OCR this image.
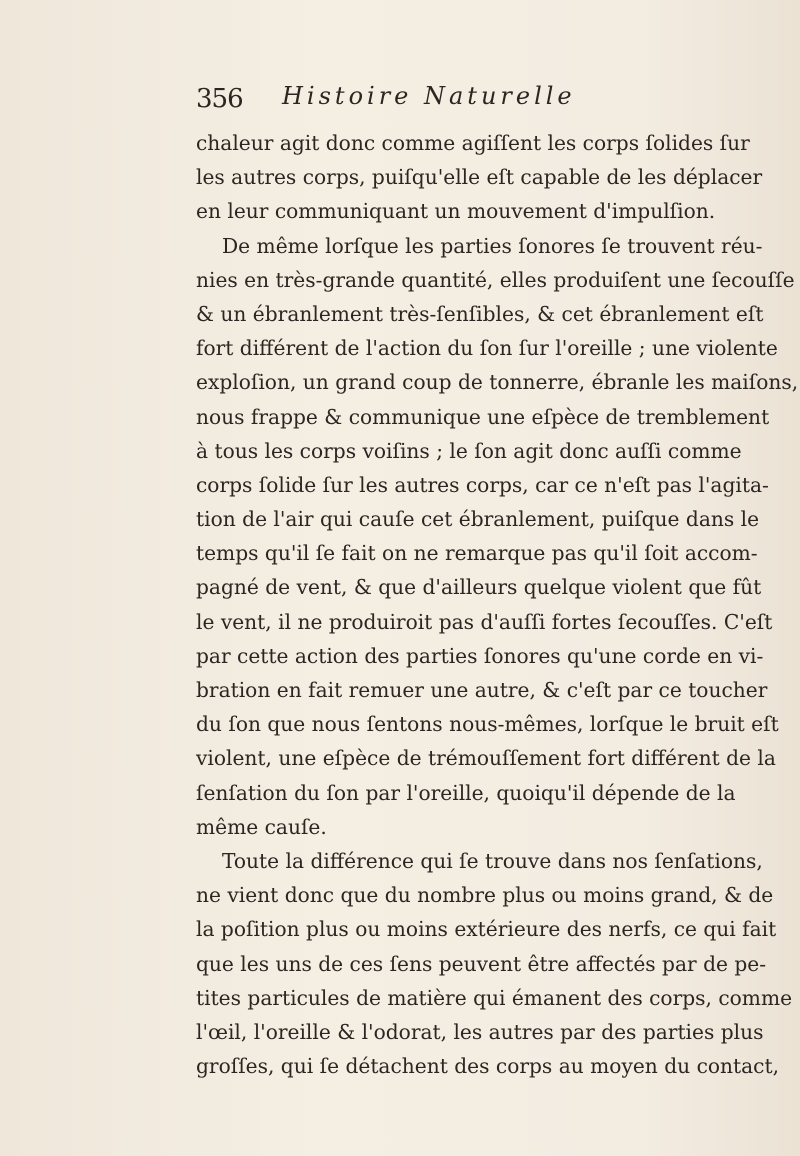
356 Histoire Naturelle
chaleur agit donc comme agiſſent les corps ſolides ſur
les autres corps, puiſqu'elle eſt capable de les déplacer
en leur communiquant un mouvement d'impulſion.
De même lorſque les parties ſonores ſe trouvent réu-
nies en très-grande quantité, elles produiſent une ſecouſſe
& un ébranlement très-ſenſibles, & cet ébranlement eſt
fort différent de l'action du ſon ſur l'oreille ; une violente
exploſion, un grand coup de tonnerre, ébranle les maiſons,
nous frappe & communique une eſpèce de tremblement
à tous les corps voiſins ; le ſon agit donc auſſi comme
corps ſolide ſur les autres corps, car ce n'eſt pas l'agita-
tion de l'air qui cauſe cet ébranlement, puiſque dans le
temps qu'il ſe fait on ne remarque pas qu'il ſoit accom-
pagné de vent, & que d'ailleurs quelque violent que fût
le vent, il ne produiroit pas d'auſſi fortes ſecouſſes. C'eſt
par cette action des parties ſonores qu'une corde en vi-
bration en fait remuer une autre, & c'eſt par ce toucher
du ſon que nous ſentons nous-mêmes, lorſque le bruit eſt
violent, une eſpèce de trémouſſement fort différent de la
ſenſation du ſon par l'oreille, quoiqu'il dépende de la
même cauſe.
Toute la différence qui ſe trouve dans nos ſenſations,
ne vient donc que du nombre plus ou moins grand, & de
la poſition plus ou moins extérieure des nerfs, ce qui fait
que les uns de ces ſens peuvent être affectés par de pe-
tites particules de matière qui émanent des corps, comme
l'œil, l'oreille & l'odorat, les autres par des parties plus
groſſes, qui ſe détachent des corps au moyen du contact,
